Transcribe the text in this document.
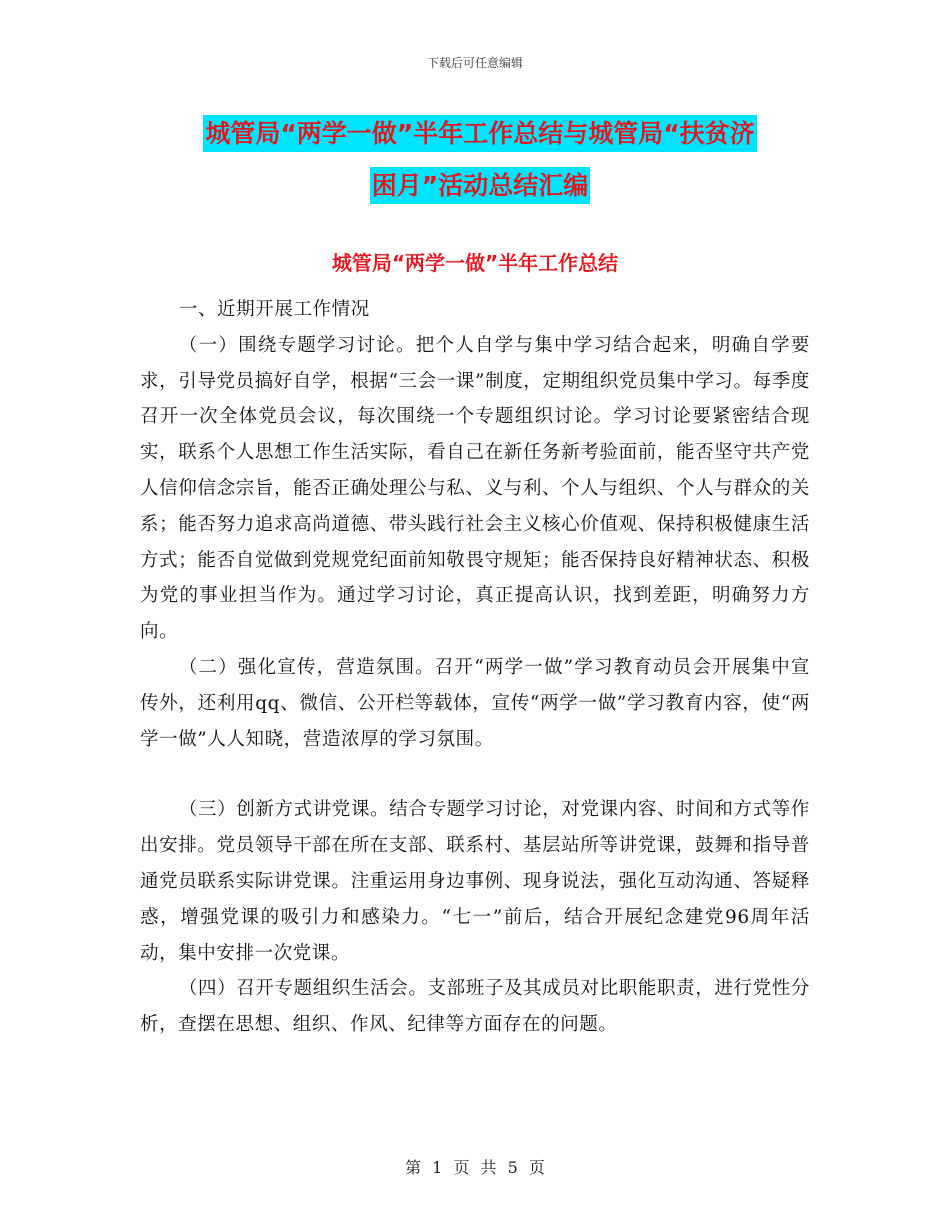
下载后可任意编辑
城管局“两学一做”半年工作总结与城管局“扶贫济
困月”活动总结汇编
城管局“两学一做”半年工作总结

一、近期开展工作情况

（一）围绕专题学习讨论。把个人自学与集中学习结合起来，明确自学要求，引导党员搞好自学，根据“三会一课”制度，定期组织党员集中学习。每季度召开一次全体党员会议，每次围绕一个专题组织讨论。学习讨论要紧密结合现实，联系个人思想工作生活实际，看自己在新任务新考验面前，能否坚守共产党人信仰信念宗旨，能否正确处理公与私、义与利、个人与组织、个人与群众的关系；能否努力追求高尚道德、带头践行社会主义核心价值观、保持积极健康生活方式；能否自觉做到党规党纪面前知敬畏守规矩；能否保持良好精神状态、积极为党的事业担当作为。通过学习讨论，真正提高认识，找到差距，明确努力方向。

（二）强化宣传，营造氛围。召开“两学一做”学习教育动员会开展集中宣传外，还利用qq、微信、公开栏等载体，宣传“两学一做”学习教育内容，使“两学一做”人人知晓，营造浓厚的学习氛围。

（三）创新方式讲党课。结合专题学习讨论，对党课内容、时间和方式等作出安排。党员领导干部在所在支部、联系村、基层站所等讲党课，鼓舞和指导普通党员联系实际讲党课。注重运用身边事例、现身说法，强化互动沟通、答疑释惑，增强党课的吸引力和感染力。“七一”前后，结合开展纪念建党96周年活动，集中安排一次党课。

（四）召开专题组织生活会。支部班子及其成员对比职能职责，进行党性分析，查摆在思想、组织、作风、纪律等方面存在的问题。

第 1 页 共 5 页
